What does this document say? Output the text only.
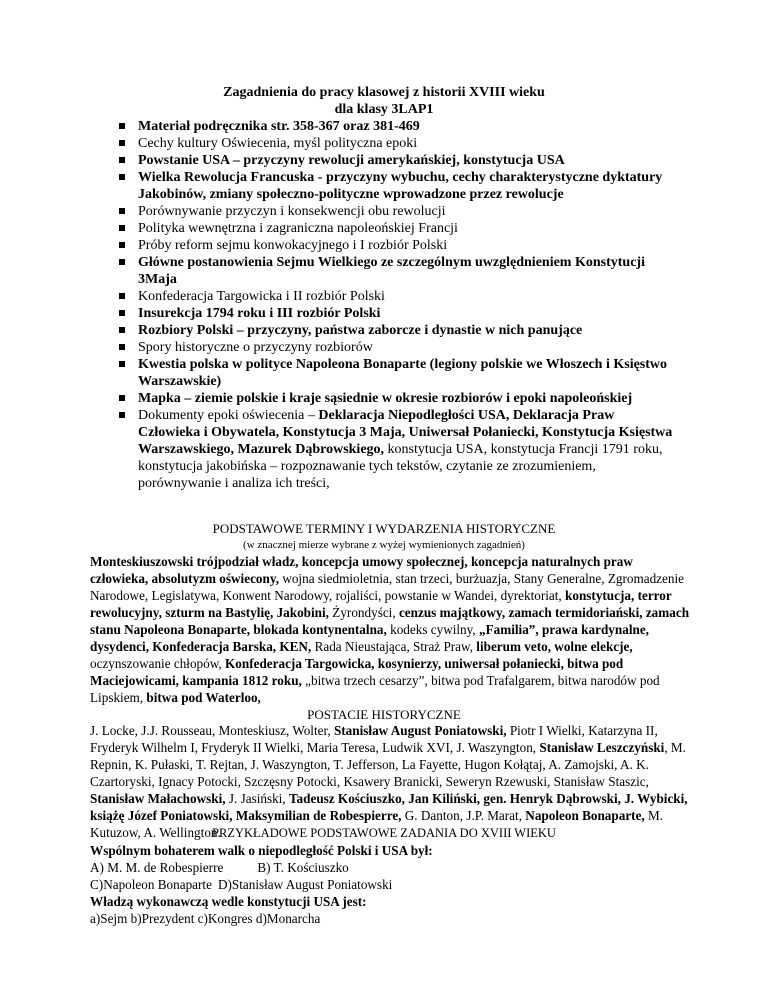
Zagadnienia do pracy klasowej z historii XVIII wieku
dla klasy 3LAP1
Materiał podręcznika str. 358-367 oraz 381-469
Cechy kultury Oświecenia, myśl polityczna epoki
Powstanie USA – przyczyny rewolucji amerykańskiej, konstytucja USA
Wielka Rewolucja Francuska - przyczyny wybuchu, cechy charakterystyczne dyktatury Jakobinów, zmiany społeczno-polityczne wprowadzone przez rewolucje
Porównywanie przyczyn i konsekwencji obu rewolucji
Polityka wewnętrzna i zagraniczna napoleońskiej Francji
Próby reform sejmu konwokacyjnego i I rozbiór Polski
Główne postanowienia Sejmu Wielkiego ze szczególnym uwzględnieniem Konstytucji 3Maja
Konfederacja Targowicka i II rozbiór Polski
Insurekcja 1794 roku i III rozbiór Polski
Rozbiory Polski – przyczyny, państwa zaborcze i dynastie w nich panujące
Spory historyczne o przyczyny rozbiorów
Kwestia polska w polityce Napoleona Bonaparte (legiony polskie we Włoszech i Księstwo Warszawskie)
Mapka – ziemie polskie i kraje sąsiednie w okresie rozbiorów i epoki napoleońskiej
Dokumenty epoki oświecenia – Deklaracja Niepodległości USA, Deklaracja Praw Człowieka i Obywatela, Konstytucja 3 Maja, Uniwersał Połaniecki, Konstytucja Księstwa Warszawskiego, Mazurek Dąbrowskiego, konstytucja USA, konstytucja Francji 1791 roku, konstytucja jakobińska – rozpoznawanie tych tekstów, czytanie ze zrozumieniem, porównywanie i analiza ich treści,
PODSTAWOWE TERMINY I WYDARZENIA HISTORYCZNE
(w znacznej mierze wybrane z wyżej wymienionych zagadnień)
Monteskiuszowski trójpodział władz, koncepcja umowy społecznej, koncepcja naturalnych praw człowieka, absolutyzm oświecony, wojna siedmioletnia, stan trzeci, burżuazja, Stany Generalne, Zgromadzenie Narodowe, Legislatywa, Konwent Narodowy, rojaliści, powstanie w Wandei, dyrektoriat, konstytucja, terror rewolucyjny, szturm na Bastylię, Jakobini, Żyrondyści, cenzus majątkowy, zamach termidoriański, zamach stanu Napoleona Bonaparte, blokada kontynentalna, kodeks cywilny, „Familia”, prawa kardynalne, dysydenci, Konfederacja Barska, KEN, Rada Nieustająca, Straż Praw, liberum veto, wolne elekcje, oczynszowanie chłopów, Konfederacja Targowicka, kosynierzy, uniwersał połaniecki, bitwa pod Maciejowicami, kampania 1812 roku, „bitwa trzech cesarzy”, bitwa pod Trafalgarem, bitwa narodów pod Lipskiem, bitwa pod Waterloo,
POSTACIE HISTORYCZNE
J. Locke, J.J. Rousseau, Monteskiusz, Wolter, Stanisław August Poniatowski, Piotr I Wielki, Katarzyna II, Fryderyk Wilhelm I, Fryderyk II Wielki, Maria Teresa, Ludwik XVI, J. Waszyngton, Stanisław Leszczyński, M. Repnin, K. Pułaski, T. Rejtan, J. Waszyngton, T. Jefferson, La Fayette, Hugon Kołątaj, A. Zamojski, A. K. Czartoryski, Ignacy Potocki, Szczęsny Potocki, Ksawery Branicki, Seweryn Rzewuski, Stanisław Staszic, Stanisław Małachowski, J. Jasiński, Tadeusz Kościuszko, Jan Kiliński, gen. Henryk Dąbrowski, J. Wybicki, książę Józef Poniatowski, Maksymilian de Robespierre, G. Danton, J.P. Marat, Napoleon Bonaparte, M. Kutuzow, A. Wellington.
PRZYKŁADOWE PODSTAWOWE ZADANIA DO XVIII WIEKU
Wspólnym bohaterem walk o niepodległość Polski i USA był:
A) M. M. de Robespierre	B) T. Kościuszko
C)Napoleon Bonaparte D)Stanisław August Poniatowski
Władzą wykonawczą wedle konstytucji USA jest:
a)Sejm b)Prezydent c)Kongres d)Monarcha
